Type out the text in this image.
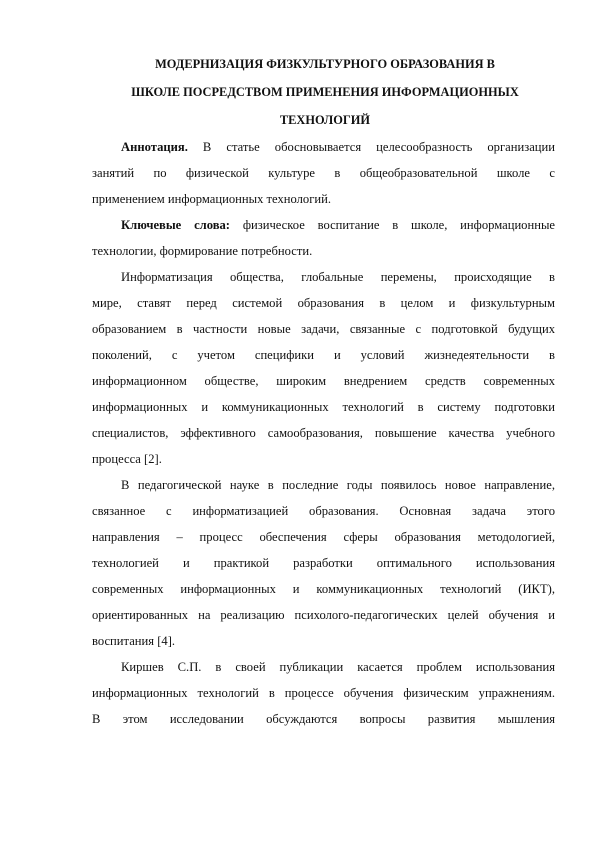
МОДЕРНИЗАЦИЯ ФИЗКУЛЬТУРНОГО ОБРАЗОВАНИЯ В
ШКОЛЕ ПОСРЕДСТВОМ ПРИМЕНЕНИЯ ИНФОРМАЦИОННЫХ
ТЕХНОЛОГИЙ
Аннотация. В статье обосновывается целесообразность организации
занятий по физической культуре в общеобразовательной школе с
применением информационных технологий.
Ключевые слова: физическое воспитание в школе, информационные
технологии, формирование потребности.
Информатизация общества, глобальные перемены, происходящие в
мире, ставят перед системой образования в целом и физкультурным
образованием в частности новые задачи, связанные с подготовкой будущих
поколений, с учетом специфики и условий жизнедеятельности в
информационном обществе, широким внедрением средств современных
информационных и коммуникационных технологий в систему подготовки
специалистов, эффективного самообразования, повышение качества учебного
процесса [2].
В педагогической науке в последние годы появилось новое направление,
связанное с информатизацией образования. Основная задача этого
направления – процесс обеспечения сферы образования методологией,
технологией и практикой разработки оптимального использования
современных информационных и коммуникационных технологий (ИКТ),
ориентированных на реализацию психолого-педагогических целей обучения и
воспитания [4].
Киршев С.П. в своей публикации касается проблем использования
информационных технологий в процессе обучения физическим упражнениям.
В этом исследовании обсуждаются вопросы развития мышления
